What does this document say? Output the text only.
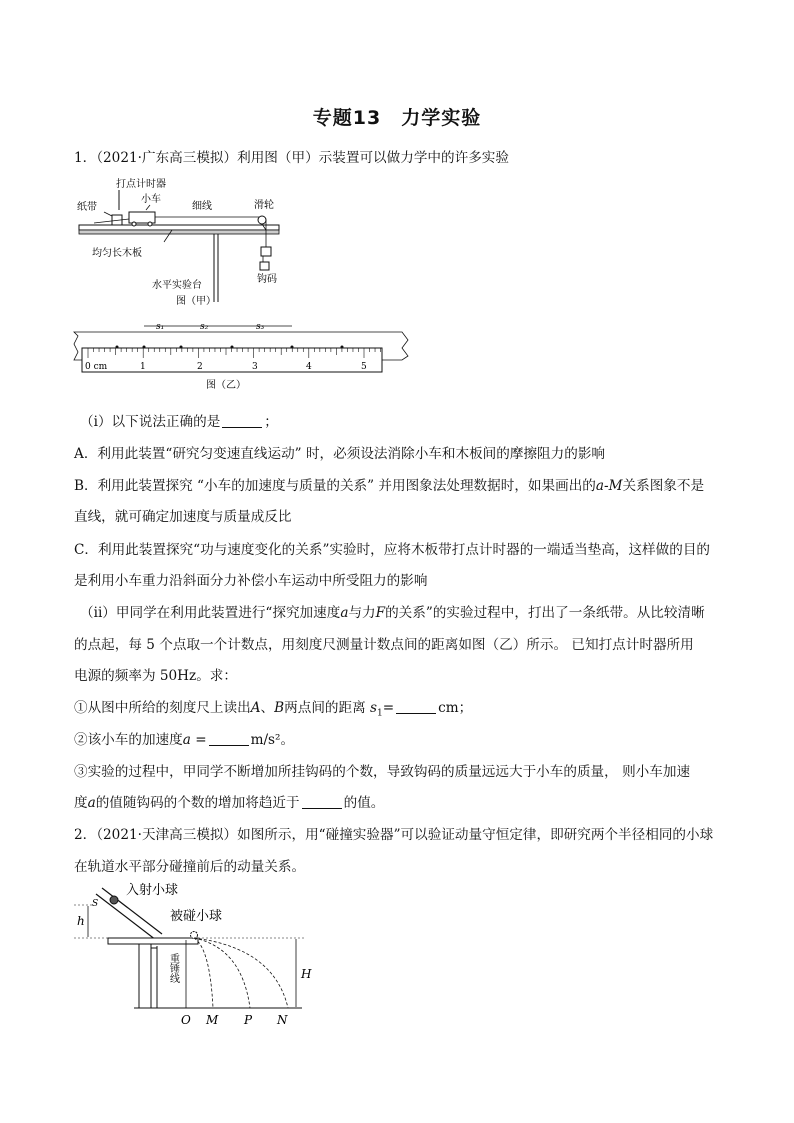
专题13 力学实验
1．（2021·广东高三模拟）利用图（甲）示装置可以做力学中的许多实验
打点计时器
纸带
小车
细线	滑轮
钩码
均匀长木板
水平实验台
图（甲）
s₁	s₂	s₃
0 cm	1	2	3	4	5
图（乙）
（i）以下说法正确的是	；
A．利用此装置“研究匀变速直线运动” 时，必须设法消除小车和木板间的摩擦阻力的影响
B．利用此装置探究 “小车的加速度与质量的关系” 并用图象法处理数据时，如果画出的a-M关系图象不是
直线，就可确定加速度与质量成反比
C．利用此装置探究“功与速度变化的关系”实验时，应将木板带打点计时器的一端适当垫高，这样做的目的
是利用小车重力沿斜面分力补偿小车运动中所受阻力的影响
（ii）甲同学在利用此装置进行“探究加速度a与力F的关系”的实验过程中，打出了一条纸带。从比较清晰
的点起，每 5 个点取一个计数点，用刻度尺测量计数点间的距离如图（乙）所示。 已知打点计时器所用
电源的频率为 50Hz。求：
①从图中所给的刻度尺上读出A、B两点间的距离 $s_1=$	cm；
②该小车的加速度a =	m/s²。
③实验的过程中，甲同学不断增加所挂钩码的个数，导致钩码的质量远远大于小车的质量， 则小车加速
度a的值随钩码的个数的增加将趋近于	的值。
2．（2021·天津高三模拟）如图所示，用“碰撞实验器”可以验证动量守恒定律，即研究两个半径相同的小球
在轨道水平部分碰撞前后的动量关系。
入射小球
被碰小球
S
h
重锤线	H
O M P N
